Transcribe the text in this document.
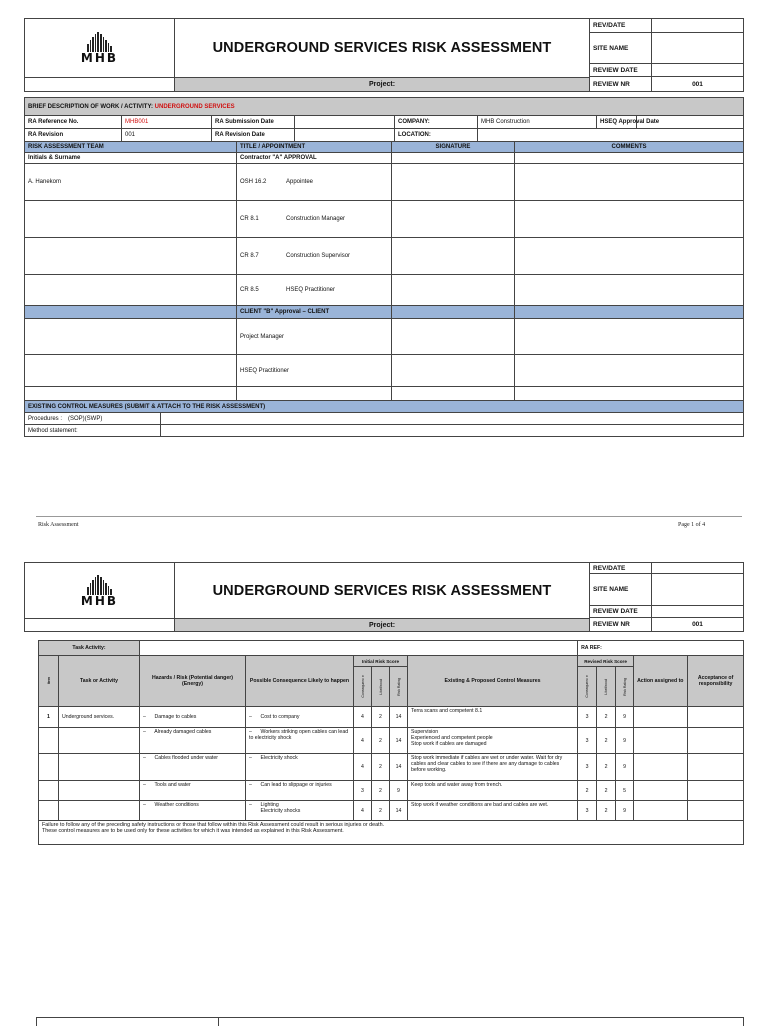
MHB	UNDERGROUND SERVICES RISK ASSESSMENT	REV/DATE	
		SITE NAME	
		REVIEW DATE	
		REVIEW NR	001
	Project:		
BRIEF DESCRIPTION OF WORK / ACTIVITY: UNDERGROUND SERVICES							
RA Reference No.	MHB001	RA Submission Date		COMPANY:	MHB Construction	HSEQ Approval Date	
RA Revision	001	RA Revision Date		LOCATION:			
RISK ASSESSMENT TEAM	TITLE / APPOINTMENT	SIGNATURE	COMMENTS
Initials & Surname	Contractor "A" APPROVAL		
A. Hanekom	OSH 16.2 Appointee		
	CR 8.1 Construction Manager		
	CR 8.7 Construction Supervisor		
	CR 8.5 HSEQ Practitioner		
	CLIENT "B" Approval – CLIENT		
	Project Manager		
	HSEQ Practitioner		

EXISTING CONTROL MEASURES (SUBMIT & ATTACH TO THE RISK ASSESSMENT)			
Procedures : (SOP)(SWP)	
Method statement:	
Risk Assessment	Page 1 of 4
MHB	UNDERGROUND SERVICES RISK ASSESSMENT	REV/DATE	
		SITE NAME	
		REVIEW DATE	
		REVIEW NR	001
	Project:		
Task Activity:								RA REF:				

Item	Task or Activity	Hazards / Risk (Potential danger) (Energy)	Possible Consequence Likely to happen	Initial Risk Score			Existing & Proposed Control Measures	Revised Risk Score			Action assigned to	Acceptance of responsibility

				Consequenc e	Likelihood	Risk Rating		Consequenc e	Likelihood	Risk Rating		

1	Underground services.	–      Damage to cables	–      Cost to company	4	2	14	Terra scans and competent 8.1	3	2	9		
		–      Already damaged cables	–      Workers striking open cables can lead to electricity shock	4	2	14	Supervision
Experienced and competent people
Stop work if cables are damaged	3	2	9		
		–      Cables flooded under water	–      Electricity shock	4	2	14	Stop work immediate if cables are wet or under water. Wait for dry cables and clear cables to see if there are any damage to cables before working.	3	2	9		
		–      Tools and water	–      Can lead to slippage or injuries	3	2	9	Keep tools and water away from trench.	2	2	5		
		–      Weather conditions	–      Lighting
Electricity shocks	4	2	14	Stop work if weather conditions are bad and cables are wet.	3	2	9		

Failure to follow any of the preceding safety instructions or those that follow within this Risk Assessment could result in serious injuries or death.
These control measures are to be used only for these activities for which it was intended as explained in this Risk Assessment.												
